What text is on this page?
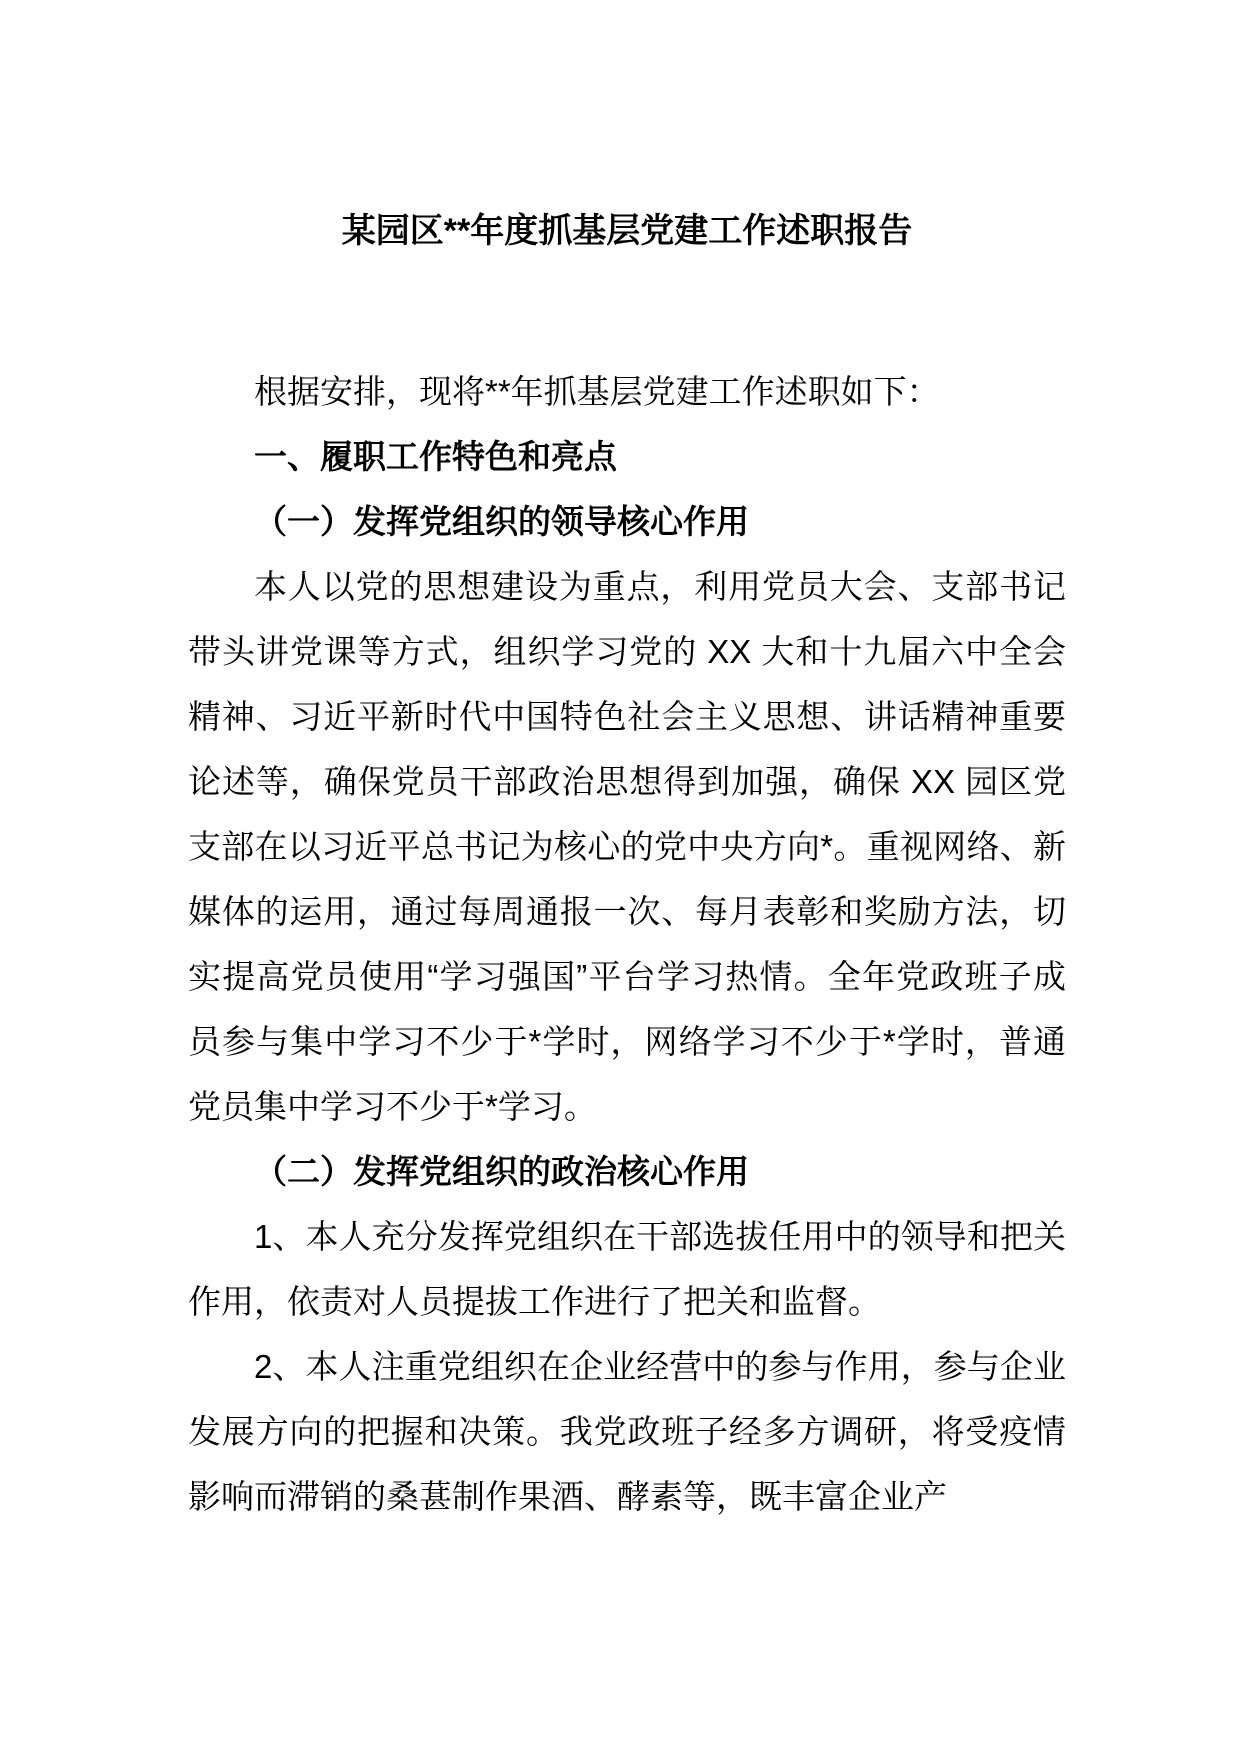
某园区**年度抓基层党建工作述职报告

根据安排，现将**年抓基层党建工作述职如下：

一、履职工作特色和亮点

（一）发挥党组织的领导核心作用

本人以党的思想建设为重点，利用党员大会、支部书记带头讲党课等方式，组织学习党的 XX 大和十九届六中全会精神、习近平新时代中国特色社会主义思想、讲话精神重要论述等，确保党员干部政治思想得到加强，确保 XX 园区党支部在以习近平总书记为核心的党中央方向*。重视网络、新媒体的运用，通过每周通报一次、每月表彰和奖励方法，切实提高党员使用“学习强国”平台学习热情。全年党政班子成员参与集中学习不少于*学时，网络学习不少于*学时，普通党员集中学习不少于*学习。

（二）发挥党组织的政治核心作用

1、本人充分发挥党组织在干部选拔任用中的领导和把关作用，依责对人员提拔工作进行了把关和监督。

2、本人注重党组织在企业经营中的参与作用，参与企业发展方向的把握和决策。我党政班子经多方调研，将受疫情影响而滞销的桑葚制作果酒、酵素等，既丰富企业产
